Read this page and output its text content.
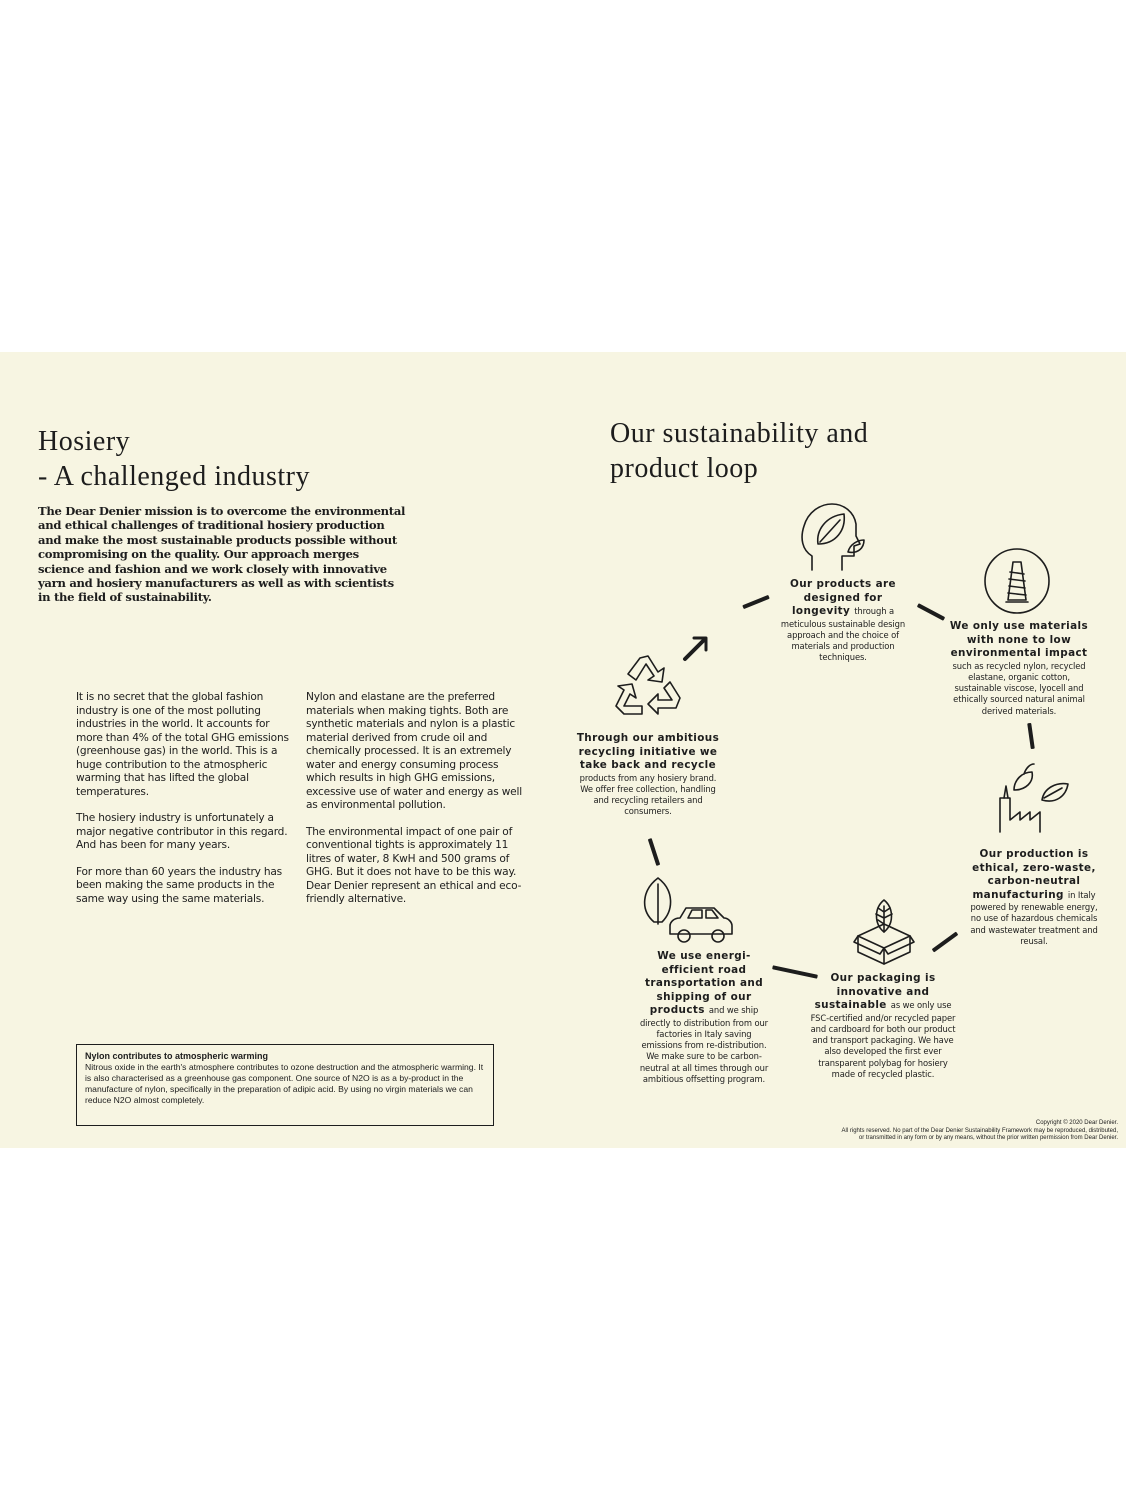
Hosiery
- A challenged industry
The Dear Denier mission is to overcome the environmental and ethical challenges of traditional hosiery production and make the most sustainable products possible without compromising on the quality. Our approach merges science and fashion and we work closely with innovative yarn and hosiery manufacturers as well as with scientists in the field of sustainability.

It is no secret that the global fashion industry is one of the most polluting industries in the world. It accounts for more than 4% of the total GHG emissions (greenhouse gas) in the world. This is a huge contribution to the atmospheric warming that has lifted the global temperatures.

The hosiery industry is unfortunately a major negative contributor in this regard. And has been for many years.

For more than 60 years the industry has been making the same products in the same way using the same materials.

Nylon and elastane are the preferred materials when making tights. Both are synthetic materials and nylon is a plastic material derived from crude oil and chemically processed. It is an extremely water and energy consuming process which results in high GHG emissions, excessive use of water and energy as well as environmental pollution.

The environmental impact of one pair of conventional tights is approximately 11 litres of water, 8 KwH and 500 grams of GHG. But it does not have to be this way. Dear Denier represent an ethical and eco-friendly alternative.

Nylon contributes to atmospheric warming
Nitrous oxide in the earth's atmosphere contributes to ozone destruction and the atmospheric warming. It is also characterised as a greenhouse gas component. One source of N2O is as a by-product in the manufacture of nylon, specifically in the preparation of adipic acid. By using no virgin materials we can reduce N2O almost completely.
Our sustainability and
product loop
Our products are designed for longevity through a meticulous sustainable design approach and the choice of materials and production techniques.
We only use materials with none to low environmental impact such as recycled nylon, recycled elastane, organic cotton, sustainable viscose, lyocell and ethically sourced natural animal derived materials.
Our production is ethical, zero-waste, carbon-neutral manufacturing in Italy powered by renewable energy, no use of hazardous chemicals and wastewater treatment and reusal.
Our packaging is innovative and sustainable as we only use FSC-certified and/or recycled paper and cardboard for both our product and transport packaging. We have also developed the first ever transparent polybag for hosiery made of recycled plastic.
We use energi-efficient road transportation and shipping of our products and we ship directly to distribution from our factories in Italy saving emissions from re-distribution. We make sure to be carbon-neutral at all times through our ambitious offsetting program.
Through our ambitious recycling initiative we take back and recycle products from any hosiery brand. We offer free collection, handling and recycling retailers and consumers.
Copyright © 2020 Dear Denier.
All rights reserved. No part of the Dear Denier Sustainability Framework may be reproduced, distributed,
or transmitted in any form or by any means, without the prior written permission from Dear Denier.
